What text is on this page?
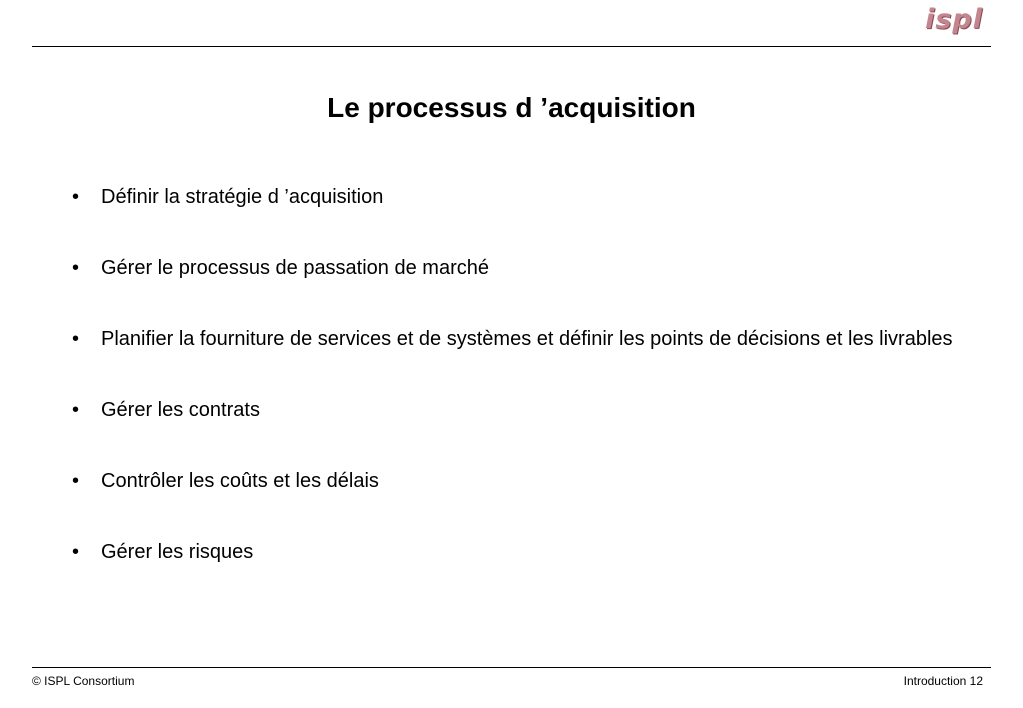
ispl
Le processus d ’acquisition
• Définir la stratégie d ’acquisition
• Gérer le processus de passation de marché
• Planifier la fourniture de services et de systèmes et définir les points de décisions et les livrables
• Gérer les contrats
• Contrôler les coûts et les délais
• Gérer les risques
© ISPL Consortium	Introduction 12
